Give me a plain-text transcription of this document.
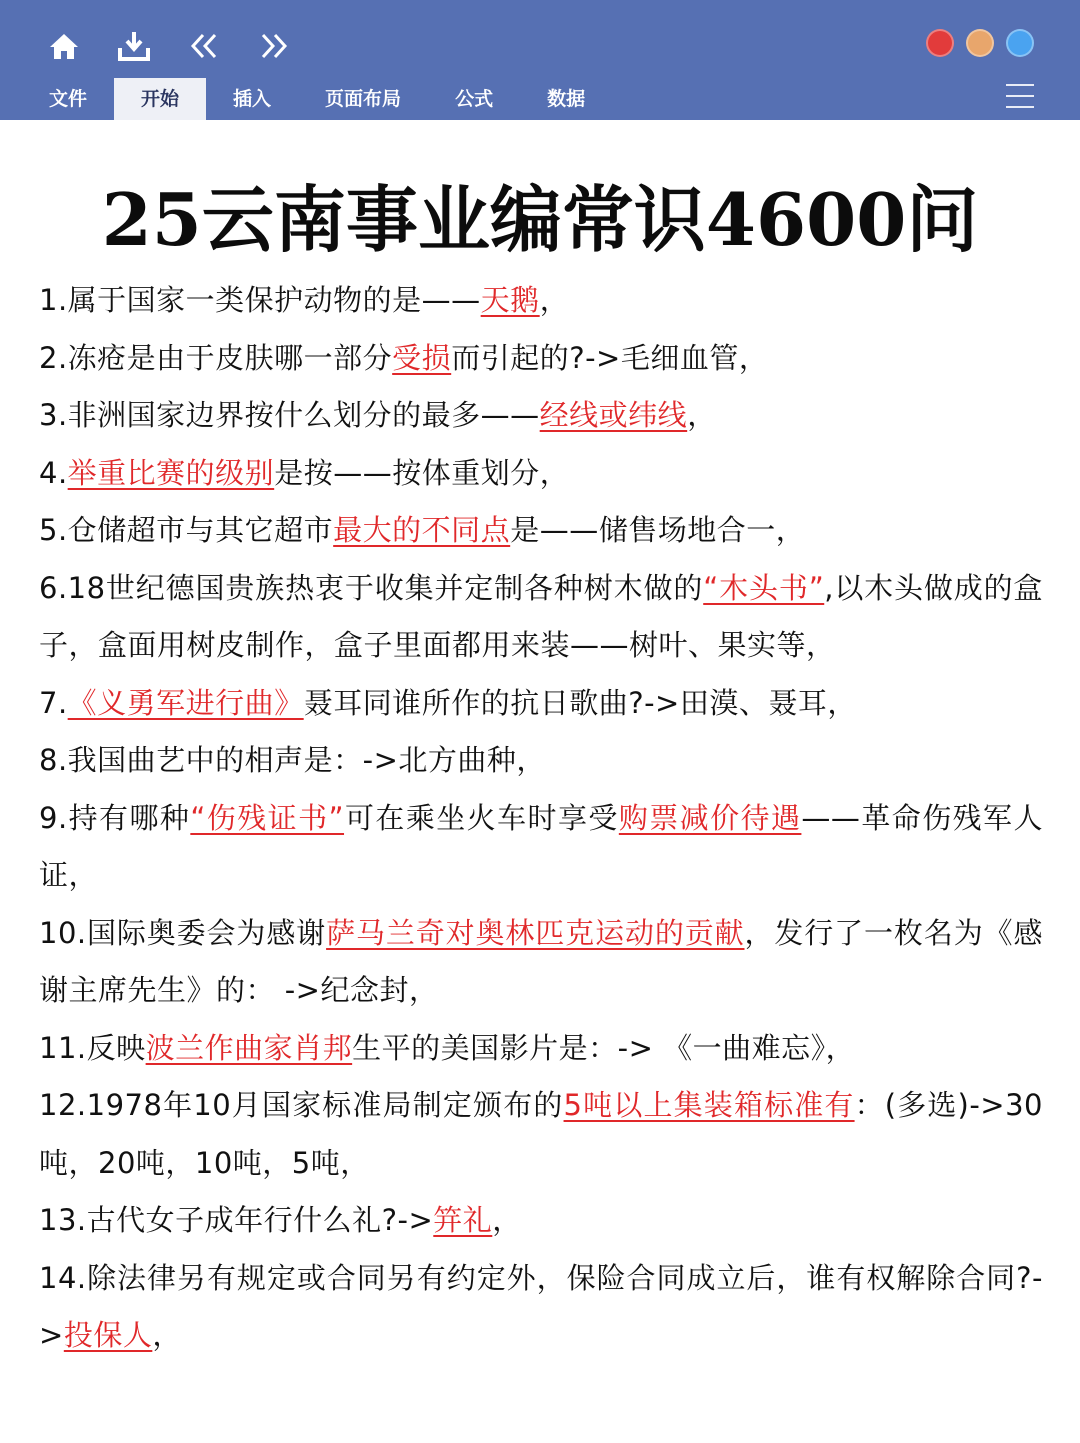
文件	开始	插入	页面布局	公式	数据
25云南事业编常识4600问

1.属于国家一类保护动物的是——天鹅，

2.冻疮是由于皮肤哪一部分受损而引起的?->毛细血管，

3.非洲国家边界按什么划分的最多——经线或纬线，

4.举重比赛的级别是按——按体重划分，

5.仓储超市与其它超市最大的不同点是——储售场地合一，

6.18世纪德国贵族热衷于收集并定制各种树木做的“木头书”,以木头做成的盒子，盒面用树皮制作，盒子里面都用来装——树叶、果实等，

7.《义勇军进行曲》聂耳同谁所作的抗日歌曲?->田漠、聂耳，

8.我国曲艺中的相声是：->北方曲种，

9.持有哪种“伤残证书”可在乘坐火车时享受购票减价待遇——革命伤残军人证，

10.国际奥委会为感谢萨马兰奇对奥林匹克运动的贡献，发行了一枚名为《感谢主席先生》的： ->纪念封，

11.反映波兰作曲家肖邦生平的美国影片是：-> 《一曲难忘》，

12.1978年10月国家标准局制定颁布的5吨以上集装箱标准有：(多选)->30吨，20吨，10吨，5吨，

13.古代女子成年行什么礼?->笄礼，

14.除法律另有规定或合同另有约定外，保险合同成立后，谁有权解除合同?->投保人，
